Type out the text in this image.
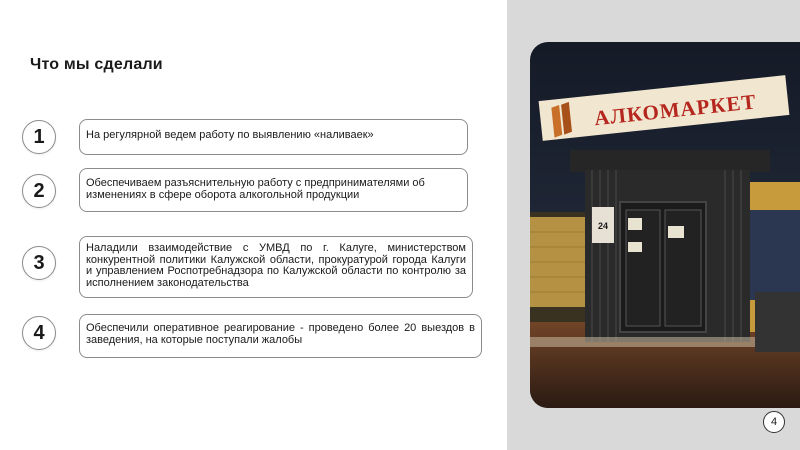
Что мы сделали
1	На регулярной ведем работу по выявлению «наливаек»
2	Обеспечиваем разъяснительную работу с предпринимателями об изменениях в сфере оборота алкогольной продукции
3
Наладили взаимодействие с УМВД по г. Калуге, министерством конкурентной политики Калужской области, прокуратурой города Калуги и управлением Роспотребнадзора по Калужской области по контролю за исполнением законодательства
4	Обеспечили оперативное реагирование - проведено более 20 выездов в заведения, на которые поступали жалобы
24
АЛКОМАРКЕТ
4
